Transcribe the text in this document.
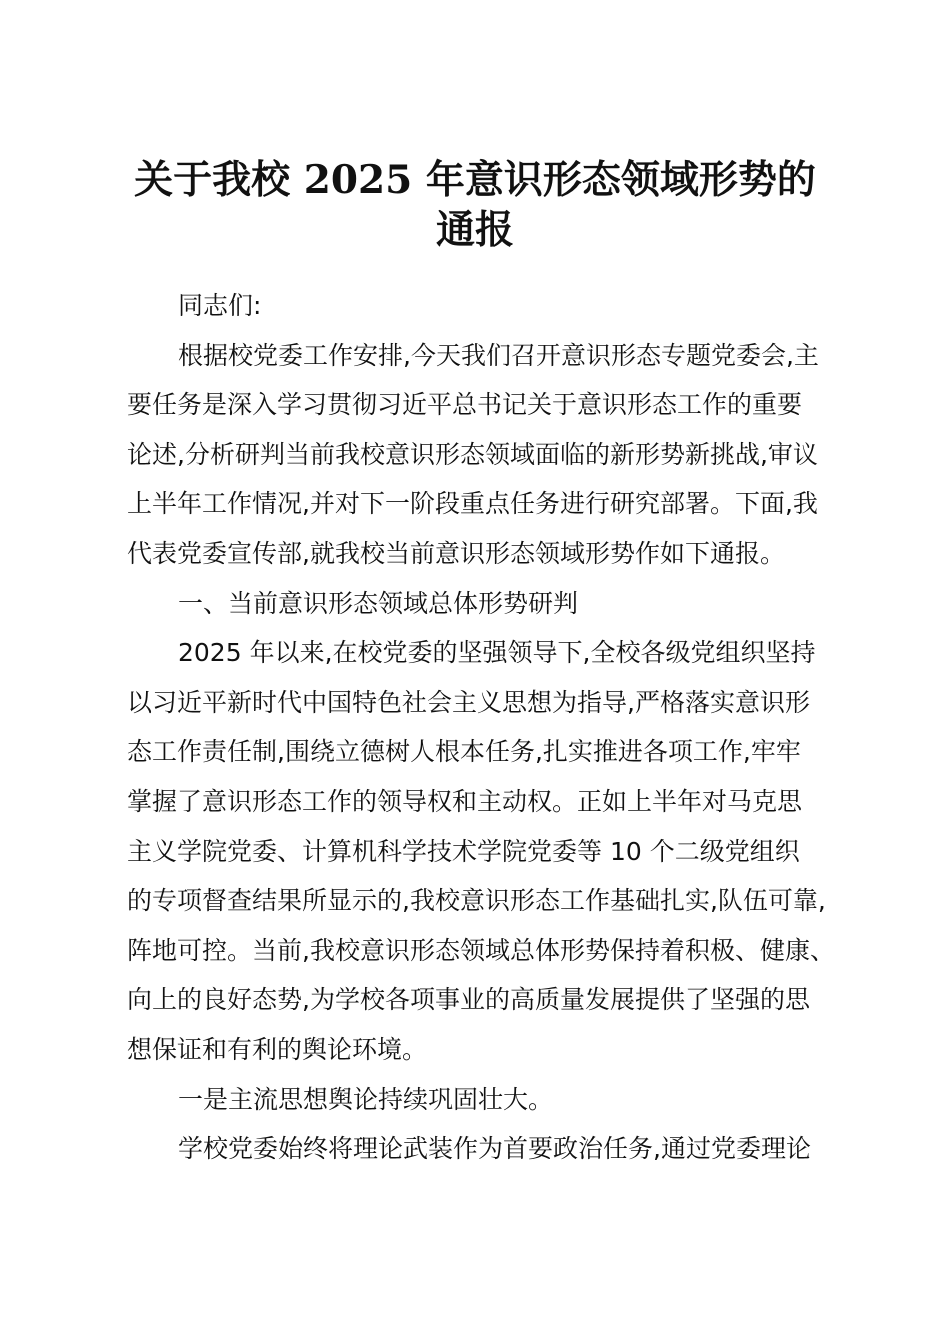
关于我校 2025 年意识形态领域形势的
通报
同志们:
根据校党委工作安排,今天我们召开意识形态专题党委会,主
要任务是深入学习贯彻习近平总书记关于意识形态工作的重要
论述,分析研判当前我校意识形态领域面临的新形势新挑战,审议
上半年工作情况,并对下一阶段重点任务进行研究部署。下面,我
代表党委宣传部,就我校当前意识形态领域形势作如下通报。
一、当前意识形态领域总体形势研判
2025 年以来,在校党委的坚强领导下,全校各级党组织坚持
以习近平新时代中国特色社会主义思想为指导,严格落实意识形
态工作责任制,围绕立德树人根本任务,扎实推进各项工作,牢牢
掌握了意识形态工作的领导权和主动权。正如上半年对马克思
主义学院党委、计算机科学技术学院党委等 10 个二级党组织
的专项督查结果所显示的,我校意识形态工作基础扎实,队伍可靠,
阵地可控。当前,我校意识形态领域总体形势保持着积极、健康、
向上的良好态势,为学校各项事业的高质量发展提供了坚强的思
想保证和有利的舆论环境。
一是主流思想舆论持续巩固壮大。
学校党委始终将理论武装作为首要政治任务,通过党委理论
